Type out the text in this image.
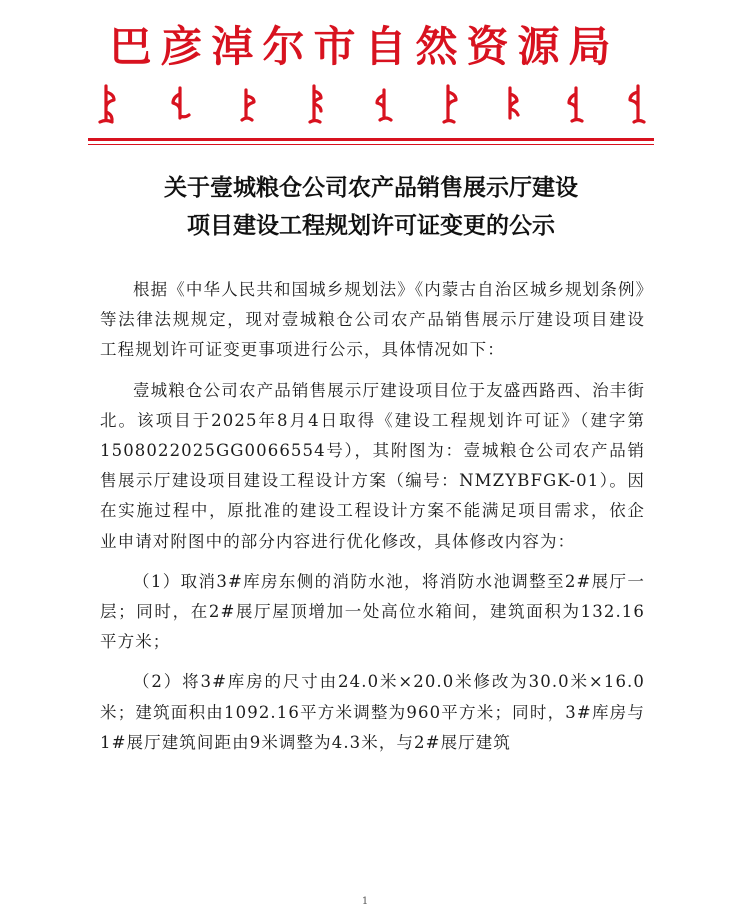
巴彦淖尔市自然资源局
关于壹城粮仓公司农产品销售展示厅建设
项目建设工程规划许可证变更的公示

根据《中华人民共和国城乡规划法》《内蒙古自治区城乡规划条例》等法律法规规定，现对壹城粮仓公司农产品销售展示厅建设项目建设工程规划许可证变更事项进行公示，具体情况如下：

壹城粮仓公司农产品销售展示厅建设项目位于友盛西路西、治丰街北。该项目于2025年8月4日取得《建设工程规划许可证》（建字第1508022025GG0066554号），其附图为：壹城粮仓公司农产品销售展示厅建设项目建设工程设计方案（编号：NMZYBFGK-01）。因在实施过程中，原批准的建设工程设计方案不能满足项目需求，依企业申请对附图中的部分内容进行优化修改，具体修改内容为：

（1）取消3#库房东侧的消防水池，将消防水池调整至2#展厅一层；同时，在2#展厅屋顶增加一处高位水箱间，建筑面积为132.16平方米；

（2）将3#库房的尺寸由24.0米×20.0米修改为30.0米×16.0米；建筑面积由1092.16平方米调整为960平方米；同时，3#库房与1#展厅建筑间距由9米调整为4.3米，与2#展厅建筑

1
